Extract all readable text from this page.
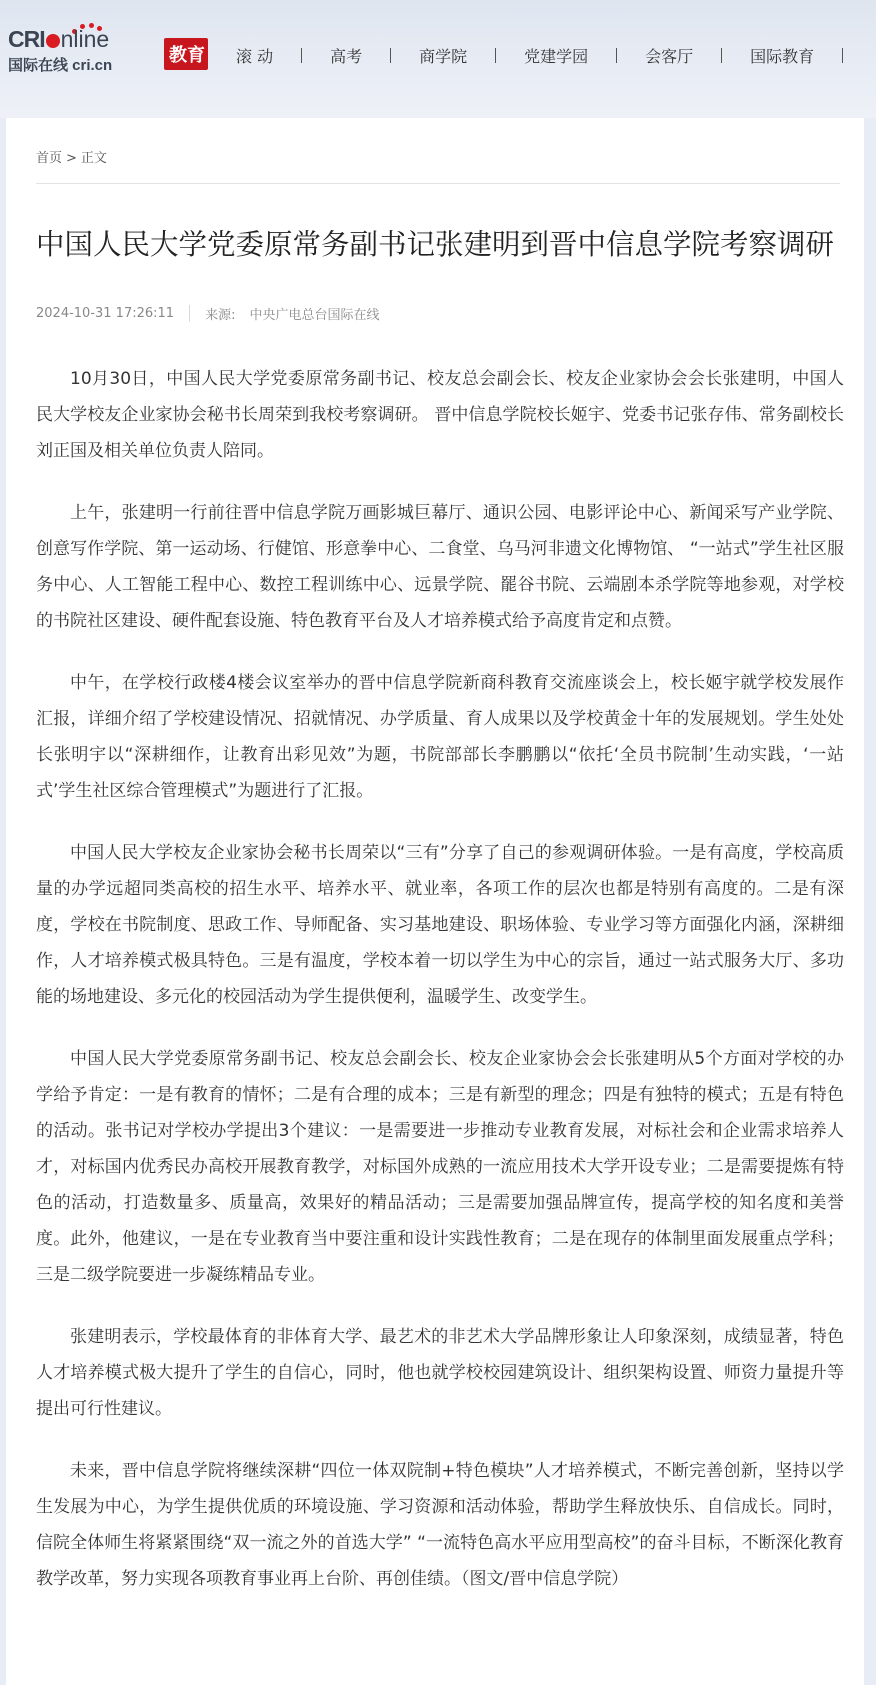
CRI nline
国际在线 cri.cn	教育 滚 动	高考	商学院	党建学园	会客厅	国际教育
首页 > 正文
中国人民大学党委原常务副书记张建明到晋中信息学院考察调研
2024-10-31 17:26:11 来源: 中央广电总台国际在线

10月30日，中国人民大学党委原常务副书记、校友总会副会长、校友企业家协会会长张建明，中国人民大学校友企业家协会秘书长周荣到我校考察调研。 晋中信息学院校长姬宇、党委书记张存伟、常务副校长刘正国及相关单位负责人陪同。

上午，张建明一行前往晋中信息学院万画影城巨幕厅、通识公园、电影评论中心、新闻采写产业学院、创意写作学院、第一运动场、行健馆、形意拳中心、二食堂、乌马河非遗文化博物馆、 “一站式”学生社区服务中心、人工智能工程中心、数控工程训练中心、远景学院、罷谷书院、云端剧本杀学院等地参观，对学校的书院社区建设、硬件配套设施、特色教育平台及人才培养模式给予高度肯定和点赞。

中午，在学校行政楼4楼会议室举办的晋中信息学院新商科教育交流座谈会上，校长姬宇就学校发展作汇报，详细介绍了学校建设情况、招就情况、办学质量、育人成果以及学校黄金十年的发展规划。学生处处长张明宇以“深耕细作，让教育出彩见效”为题，书院部部长李鹏鹏以“依托‘全员书院制’生动实践，‘一站式’学生社区综合管理模式”为题进行了汇报。

中国人民大学校友企业家协会秘书长周荣以“三有”分享了自己的参观调研体验。一是有高度，学校高质量的办学远超同类高校的招生水平、培养水平、就业率，各项工作的层次也都是特别有高度的。二是有深度，学校在书院制度、思政工作、导师配备、实习基地建设、职场体验、专业学习等方面强化内涵，深耕细作，人才培养模式极具特色。三是有温度，学校本着一切以学生为中心的宗旨，通过一站式服务大厅、多功能的场地建设、多元化的校园活动为学生提供便利，温暖学生、改变学生。

中国人民大学党委原常务副书记、校友总会副会长、校友企业家协会会长张建明从5个方面对学校的办学给予肯定：一是有教育的情怀；二是有合理的成本；三是有新型的理念；四是有独特的模式；五是有特色的活动。张书记对学校办学提出3个建议：一是需要进一步推动专业教育发展，对标社会和企业需求培养人才，对标国内优秀民办高校开展教育教学，对标国外成熟的一流应用技术大学开设专业；二是需要提炼有特色的活动，打造数量多、质量高，效果好的精品活动；三是需要加强品牌宣传，提高学校的知名度和美誉度。此外，他建议，一是在专业教育当中要注重和设计实践性教育；二是在现存的体制里面发展重点学科；三是二级学院要进一步凝练精品专业。

张建明表示，学校最体育的非体育大学、最艺术的非艺术大学品牌形象让人印象深刻，成绩显著，特色人才培养模式极大提升了学生的自信心，同时，他也就学校校园建筑设计、组织架构设置、师资力量提升等提出可行性建议。

未来，晋中信息学院将继续深耕“四位一体双院制+特色模块”人才培养模式，不断完善创新，坚持以学生发展为中心，为学生提供优质的环境设施、学习资源和活动体验，帮助学生释放快乐、自信成长。同时，信院全体师生将紧紧围绕“双一流之外的首选大学” “一流特色高水平应用型高校”的奋斗目标，不断深化教育教学改革，努力实现各项教育事业再上台阶、再创佳绩。（图文/晋中信息学院）
